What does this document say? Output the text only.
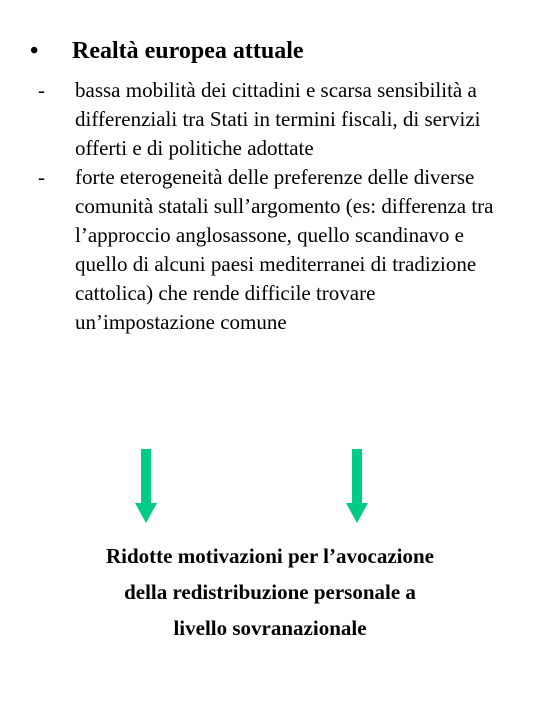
• Realtà europea attuale
- bassa mobilità dei cittadini e scarsa sensibilità a differenziali tra Stati in termini fiscali, di servizi offerti e di politiche adottate
- forte eterogeneità delle preferenze delle diverse comunità statali sull’argomento (es: differenza tra l’approccio anglosassone, quello scandinavo e quello di alcuni paesi mediterranei di tradizione cattolica) che rende difficile trovare un’impostazione comune
Ridotte motivazioni per l’avocazione
della redistribuzione personale a
livello sovranazionale
